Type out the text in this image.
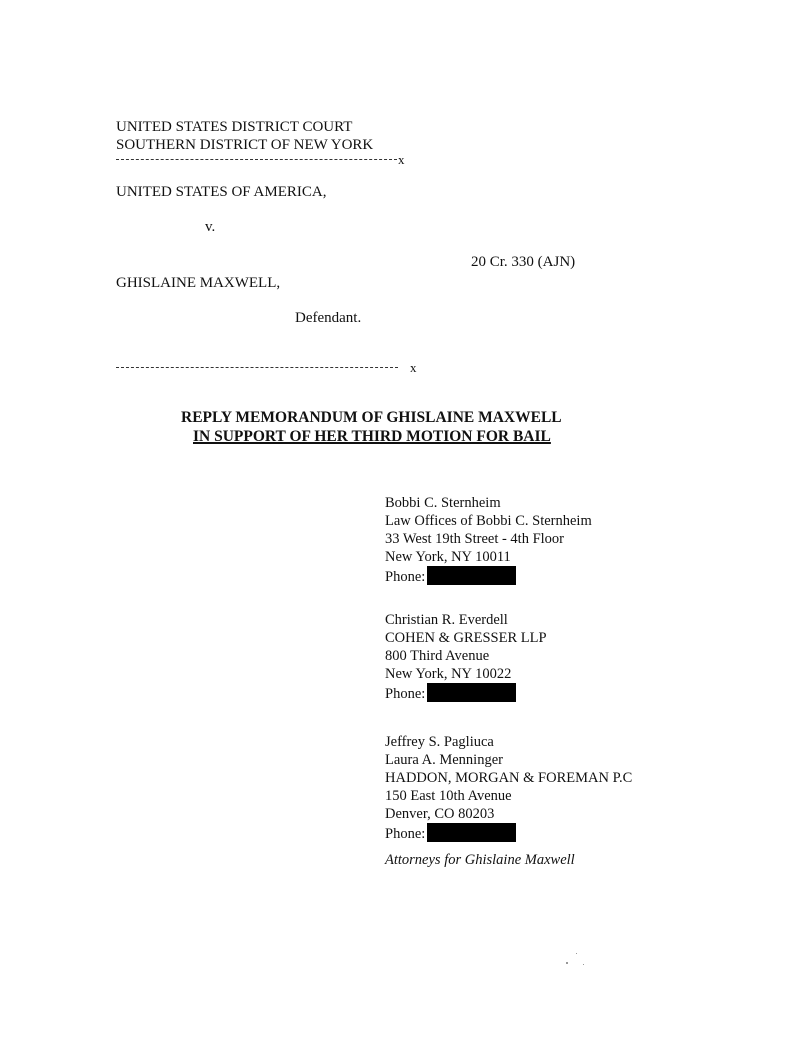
UNITED STATES DISTRICT COURT
SOUTHERN DISTRICT OF NEW YORK
x
UNITED STATES OF AMERICA,
v.
20 Cr. 330 (AJN)
GHISLAINE MAXWELL,
Defendant.
x
REPLY MEMORANDUM OF GHISLAINE MAXWELL
IN SUPPORT OF HER THIRD MOTION FOR BAIL
Bobbi C. Sternheim
Law Offices of Bobbi C. Sternheim
33 West 19th Street - 4th Floor
New York, NY 10011
Phone:
Christian R. Everdell
COHEN & GRESSER LLP
800 Third Avenue
New York, NY 10022
Phone:
Jeffrey S. Pagliuca
Laura A. Menninger
HADDON, MORGAN & FOREMAN P.C
150 East 10th Avenue
Denver, CO 80203
Phone:
Attorneys for Ghislaine Maxwell
